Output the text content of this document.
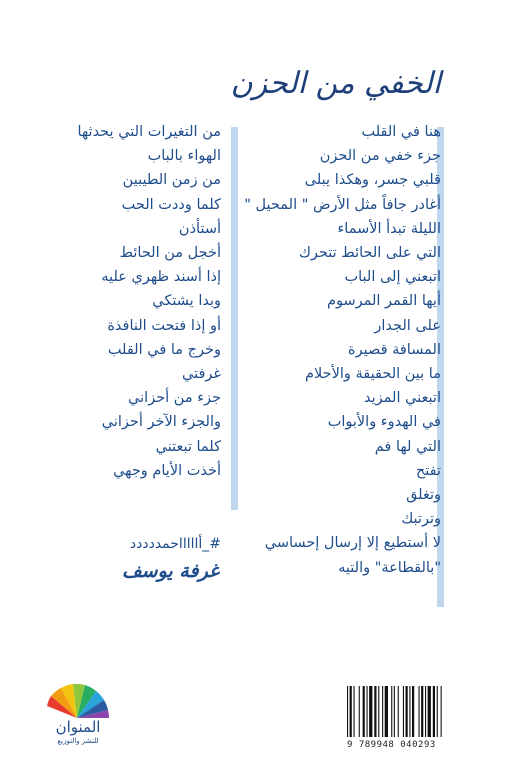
الخفي من الحزن
هنا في القلب
جزء خفي من الحزن
قلبي جسر، وهكذا يبلى
أغادر جافاً مثل الأرض " المحيل "
الليلة تبدأ الأسماء
التي على الحائط تتحرك
اتبعني إلى الباب
أيها القمر المرسوم
على الجدار
المسافة قصيرة
ما بين الحقيقة والأحلام
اتبعني المزيد
في الهدوء والأبواب
التي لها فم
تفتح
وتغلق
وترتبك
لا أستطيع إلا إرسال إحساسي
"بالقطاعة" والتيه
من التغيرات التي يحدثها
الهواء بالباب
من زمن الطيبين
كلما وددت الحب
أستأذن
أخجل من الحائط
إذا أسند ظهري عليه
وبدا يشتكي
أو إذا فتحت النافذة
وخرج ما في القلب
غرفتي
جزء من أحزاني
والجزء الآخر أحزاني
كلما تبعتني
أخذت الأيام وجهي
#_أاااااحمددددد
غرفة يوسف
المنوان
للنشر والتوزيع	9 789948 040293
